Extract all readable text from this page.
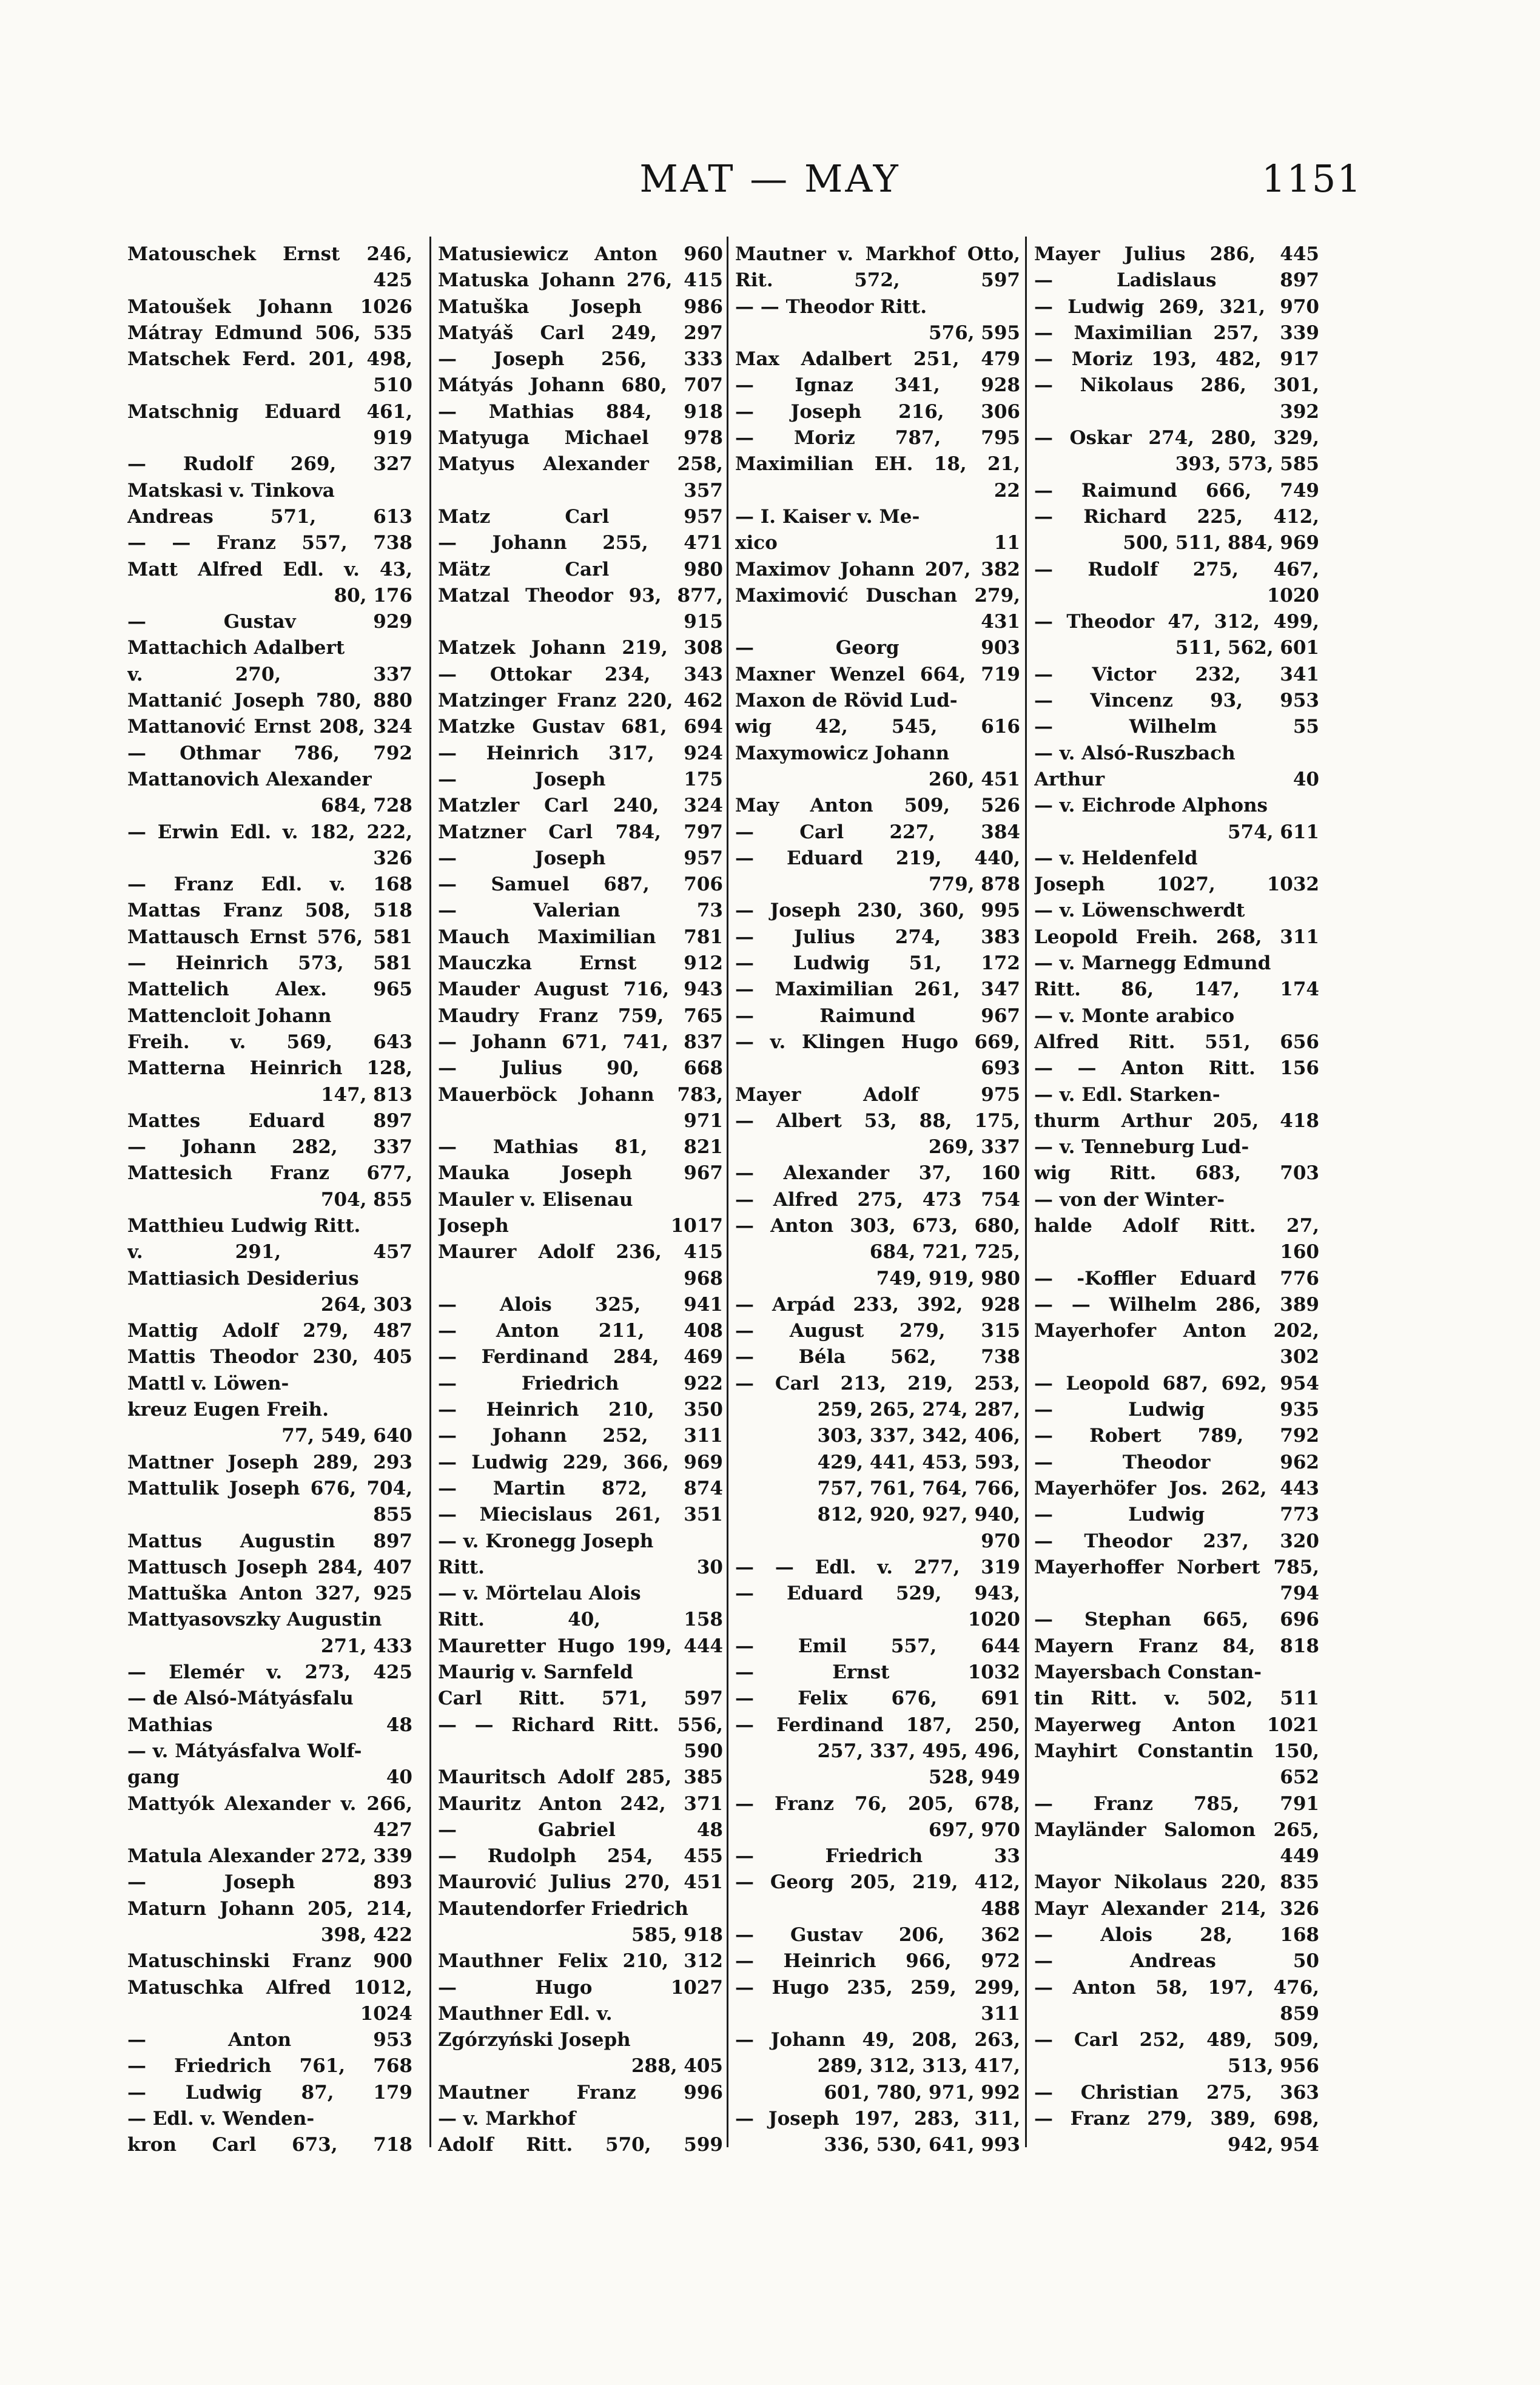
MAT — MAY	1151
Matouschek Ernst 246,
425
Matoušek Johann 1026
Mátray Edmund 506, 535
Matschek Ferd. 201, 498,
510
Matschnig Eduard 461,
919
— Rudolf 269, 327
Matskasi v. Tinkova
Andreas 571, 613
— — Franz 557, 738
Matt Alfred Edl. v. 43,
80, 176
— Gustav 929
Mattachich Adalbert
v. 270, 337
Mattanić Joseph 780, 880
Mattanović Ernst 208, 324
— Othmar 786, 792
Mattanovich Alexander
684, 728
— Erwin Edl. v. 182, 222,
326
— Franz Edl. v. 168
Mattas Franz 508, 518
Mattausch Ernst 576, 581
— Heinrich 573, 581
Mattelich Alex. 965
Mattencloit Johann
Freih. v. 569, 643
Matterna Heinrich 128,
147, 813
Mattes Eduard 897
— Johann 282, 337
Mattesich Franz 677,
704, 855
Matthieu Ludwig Ritt.
v. 291, 457
Mattiasich Desiderius
264, 303
Mattig Adolf 279, 487
Mattis Theodor 230, 405
Mattl v. Löwen-
kreuz Eugen Freih.
77, 549, 640
Mattner Joseph 289, 293
Mattulik Joseph 676, 704,
855
Mattus Augustin 897
Mattusch Joseph 284, 407
Mattuška Anton 327, 925
Mattyasovszky Augustin
271, 433
— Elemér v. 273, 425
— de Alsó-Mátyásfalu
Mathias 48
— v. Mátyásfalva Wolf-
gang 40
Mattyók Alexander v. 266,
427
Matula Alexander 272, 339
— Joseph 893
Maturn Johann 205, 214,
398, 422
Matuschinski Franz 900
Matuschka Alfred 1012,
1024
— Anton 953
— Friedrich 761, 768
— Ludwig 87, 179
— Edl. v. Wenden-
kron Carl 673, 718
Matusiewicz Anton 960
Matuska Johann 276, 415
Matuška Joseph 986
Matyáš Carl 249, 297
— Joseph 256, 333
Mátyás Johann 680, 707
— Mathias 884, 918
Matyuga Michael 978
Matyus Alexander 258,
357
Matz Carl 957
— Johann 255, 471
Mätz Carl 980
Matzal Theodor 93, 877,
915
Matzek Johann 219, 308
— Ottokar 234, 343
Matzinger Franz 220, 462
Matzke Gustav 681, 694
— Heinrich 317, 924
— Joseph 175
Matzler Carl 240, 324
Matzner Carl 784, 797
— Joseph 957
— Samuel 687, 706
— Valerian 73
Mauch Maximilian 781
Mauczka Ernst 912
Mauder August 716, 943
Maudry Franz 759, 765
— Johann 671, 741, 837
— Julius 90, 668
Mauerböck Johann 783,
971
— Mathias 81, 821
Mauka Joseph 967
Mauler v. Elisenau
Joseph 1017
Maurer Adolf 236, 415
968
— Alois 325, 941
— Anton 211, 408
— Ferdinand 284, 469
— Friedrich 922
— Heinrich 210, 350
— Johann 252, 311
— Ludwig 229, 366, 969
— Martin 872, 874
— Miecislaus 261, 351
— v. Kronegg Joseph
Ritt. 30
— v. Mörtelau Alois
Ritt. 40, 158
Mauretter Hugo 199, 444
Maurig v. Sarnfeld
Carl Ritt. 571, 597
— — Richard Ritt. 556,
590
Mauritsch Adolf 285, 385
Mauritz Anton 242, 371
— Gabriel 48
— Rudolph 254, 455
Maurović Julius 270, 451
Mautendorfer Friedrich
585, 918
Mauthner Felix 210, 312
— Hugo 1027
Mauthner Edl. v.
Zgórzyński Joseph
288, 405
Mautner Franz 996
— v. Markhof
Adolf Ritt. 570, 599
Mautner v. Markhof Otto,
Rit. 572, 597
— — Theodor Ritt.
576, 595
Max Adalbert 251, 479
— Ignaz 341, 928
— Joseph 216, 306
— Moriz 787, 795
Maximilian EH. 18, 21,
22
— I. Kaiser v. Me-
xico 11
Maximov Johann 207, 382
Maximović Duschan 279,
431
— Georg 903
Maxner Wenzel 664, 719
Maxon de Rövid Lud-
wig 42, 545, 616
Maxymowicz Johann
260, 451
May Anton 509, 526
— Carl 227, 384
— Eduard 219, 440,
779, 878
— Joseph 230, 360, 995
— Julius 274, 383
— Ludwig 51, 172
— Maximilian 261, 347
— Raimund 967
— v. Klingen Hugo 669,
693
Mayer Adolf 975
— Albert 53, 88, 175,
269, 337
— Alexander 37, 160
— Alfred 275, 473 754
— Anton 303, 673, 680,
684, 721, 725,
749, 919, 980
— Arpád 233, 392, 928
— August 279, 315
— Béla 562, 738
— Carl 213, 219, 253,
259, 265, 274, 287,
303, 337, 342, 406,
429, 441, 453, 593,
757, 761, 764, 766,
812, 920, 927, 940,
970
— — Edl. v. 277, 319
— Eduard 529, 943,
1020
— Emil 557, 644
— Ernst 1032
— Felix 676, 691
— Ferdinand 187, 250,
257, 337, 495, 496,
528, 949
— Franz 76, 205, 678,
697, 970
— Friedrich 33
— Georg 205, 219, 412,
488
— Gustav 206, 362
— Heinrich 966, 972
— Hugo 235, 259, 299,
311
— Johann 49, 208, 263,
289, 312, 313, 417,
601, 780, 971, 992
— Joseph 197, 283, 311,
336, 530, 641, 993
Mayer Julius 286, 445
— Ladislaus 897
— Ludwig 269, 321, 970
— Maximilian 257, 339
— Moriz 193, 482, 917
— Nikolaus 286, 301,
392
— Oskar 274, 280, 329,
393, 573, 585
— Raimund 666, 749
— Richard 225, 412,
500, 511, 884, 969
— Rudolf 275, 467,
1020
— Theodor 47, 312, 499,
511, 562, 601
— Victor 232, 341
— Vincenz 93, 953
— Wilhelm 55
— v. Alsó-Ruszbach
Arthur 40
— v. Eichrode Alphons
574, 611
— v. Heldenfeld
Joseph 1027, 1032
— v. Löwenschwerdt
Leopold Freih. 268, 311
— v. Marnegg Edmund
Ritt. 86, 147, 174
— v. Monte arabico
Alfred Ritt. 551, 656
— — Anton Ritt. 156
— v. Edl. Starken-
thurm Arthur 205, 418
— v. Tenneburg Lud-
wig Ritt. 683, 703
— von der Winter-
halde Adolf Ritt. 27,
160
— -Koffler Eduard 776
— — Wilhelm 286, 389
Mayerhofer Anton 202,
302
— Leopold 687, 692, 954
— Ludwig 935
— Robert 789, 792
— Theodor 962
Mayerhöfer Jos. 262, 443
— Ludwig 773
— Theodor 237, 320
Mayerhoffer Norbert 785,
794
— Stephan 665, 696
Mayern Franz 84, 818
Mayersbach Constan-
tin Ritt. v. 502, 511
Mayerweg Anton 1021
Mayhirt Constantin 150,
652
— Franz 785, 791
Mayländer Salomon 265,
449
Mayor Nikolaus 220, 835
Mayr Alexander 214, 326
— Alois 28, 168
— Andreas 50
— Anton 58, 197, 476,
859
— Carl 252, 489, 509,
513, 956
— Christian 275, 363
— Franz 279, 389, 698,
942, 954
